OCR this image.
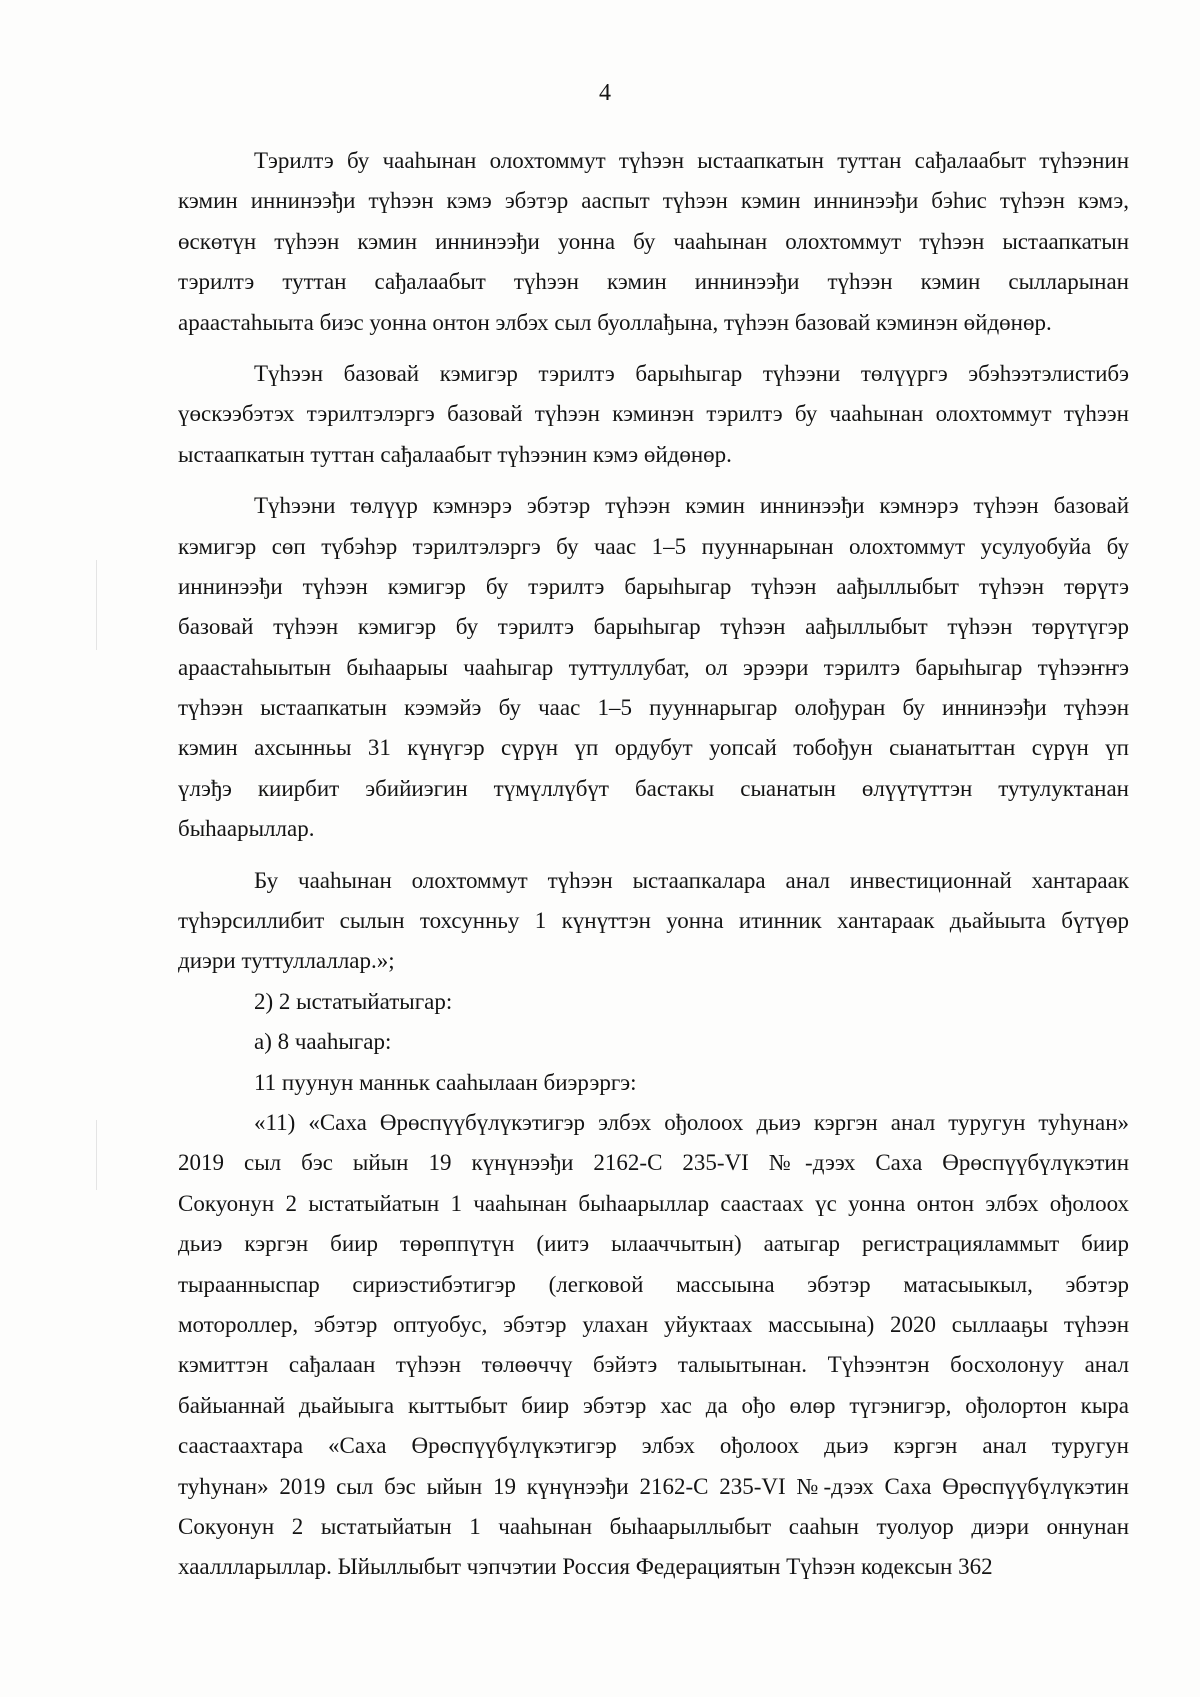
4
Тэрилтэ бу чааһынан олохтоммут түһээн ыстаапкатын туттан сађалаабыт түһээнин
кэмин иннинээђи түһээн кэмэ эбэтэр ааспыт түһээн кэмин иннинээђи бэһис түһээн кэмэ,
өскөтүн түһээн кэмин иннинээђи уонна бу чааһынан олохтоммут түһээн ыстаапкатын
тэрилтэ туттан сађалаабыт түһээн кэмин иннинээђи түһээн кэмин сылларынан
араастаһыыта биэс уонна онтон элбэх сыл буоллађына, түһээн базовай кэминэн өйдөнөр.
Түһээн базовай кэмигэр тэрилтэ барыһыгар түһээни төлүүргэ эбэһээтэлистибэ
үөскээбэтэх тэрилтэлэргэ базовай түһээн кэминэн тэрилтэ бу чааһынан олохтоммут түһээн
ыстаапкатын туттан сађалаабыт түһээнин кэмэ өйдөнөр.
Түһээни төлүүр кэмнэрэ эбэтэр түһээн кэмин иннинээђи кэмнэрэ түһээн базовай
кэмигэр сөп түбэһэр тэрилтэлэргэ бу чаас 1–5 пууннарынан олохтоммут усулуобуйа бу
иннинээђи түһээн кэмигэр бу тэрилтэ барыһыгар түһээн аађыллыбыт түһээн төрүтэ
базовай түһээн кэмигэр бу тэрилтэ барыһыгар түһээн аађыллыбыт түһээн төрүтүгэр
араастаһыытын быһаарыы чааһыгар туттуллубат, ол эрээри тэрилтэ барыһыгар түһээҥҥэ
түһээн ыстаапкатын кээмэйэ бу чаас 1–5 пууннарыгар олођуран бу иннинээђи түһээн
кэмин ахсынньы 31 күнүгэр сүрүн үп ордубут уопсай тобођун сыанатыттан сүрүн үп
үлэђэ киирбит эбийиэгин түмүллүбүт бастакы сыанатын өлүүтүттэн тутулуктанан
быһаарыллар.
Бу чааһынан олохтоммут түһээн ыстаапкалара анал инвестиционнай хантараак
түһэрсиллибит сылын тохсунньу 1 күнүттэн уонна итинник хантараак дьайыыта бүтүөр
диэри туттуллаллар.»;
2) 2 ыстатыйатыгар:
а) 8 чааһыгар:
11 пуунун манньк сааһылаан биэрэргэ:
«11) «Саха Өрөспүүбүлүкэтигэр элбэх ођолоох дьиэ кэргэн анал туругун туһунан»
2019 сыл бэс ыйын 19 күнүнээђи 2162-С 235-VI №-дээх Саха Өрөспүүбүлүкэтин
Сокуонун 2 ыстатыйатын 1 чааһынан быһаарыллар саастаах үс уонна онтон элбэх ођолоох
дьиэ кэргэн биир төрөппүтүн (иитэ ылааччытын) аатыгар регистрацияламмыт биир
тыраанныспар сириэстибэтигэр (легковой массыына эбэтэр матасыыкыл, эбэтэр
мотороллер, эбэтэр оптуобус, эбэтэр улахан уйуктаах массыына) 2020 сыллааҕы түһээн
кэмиттэн сађалаан түһээн төлөөччү бэйэтэ талыытынан. Түһээнтэн босхолонуу анал
байыаннай дьайыыга кыттыбыт биир эбэтэр хас да ођо өлөр түгэнигэр, ођолортон кыра
саастаахтара «Саха Өрөспүүбүлүкэтигэр элбэх ођолоох дьиэ кэргэн анал туругун
туһунан» 2019 сыл бэс ыйын 19 күнүнээђи 2162-С 235-VI №-дээх Саха Өрөспүүбүлүкэтин
Сокуонун 2 ыстатыйатын 1 чааһынан быһаарыллыбыт сааһын туолуор диэри оннунан
хааллларыллар. Ыйыллыбыт чэпчэтии Россия Федерациятын Түһээн кодексын 362
